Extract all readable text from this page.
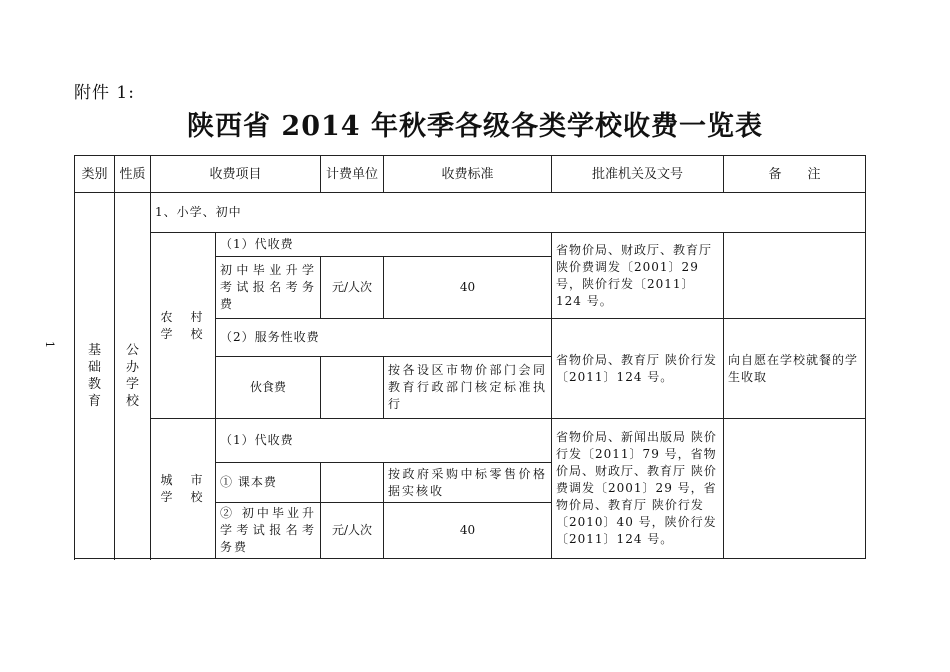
附件 1:
陕西省 2014 年秋季各级各类学校收费一览表
1
类别	性质	收费项目		计费单位	收费标准	批准机关及文号	备　　注

基
础
教
育	公
办
学
校	1、小学、初中					

		农　村
学　校	（1）代收费			省物价局、财政厅、教育厅 陕价费调发〔2001〕29 号，陕价行发〔2011〕124 号。	
			初中毕业升学考试报名考务费	元/人次	40		
			（2）服务性收费			省物价局、教育厅 陕价行发〔2011〕124 号。	向自愿在学校就餐的学生收取
			伙食费		按各设区市物价部门会同教育行政部门核定标准执行		

		城　市
学　校	（1）代收费			省物价局、新闻出版局 陕价行发〔2011〕79 号，省物价局、财政厅、教育厅 陕价费调发〔2001〕29 号，省物价局、教育厅 陕价行发〔2010〕40 号，陕价行发〔2011〕124 号。	
			① 课本费		按政府采购中标零售价格据实核收		
			② 初中毕业升学考试报名考务费	元/人次	40		
